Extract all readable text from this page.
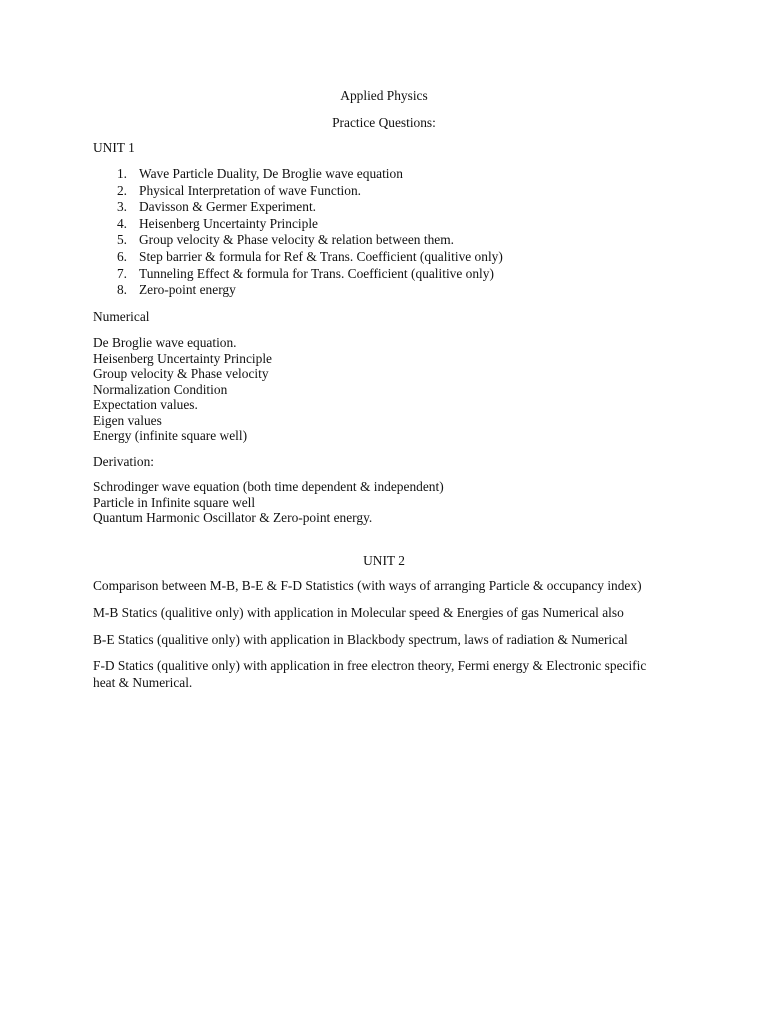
Applied Physics
Practice Questions:
UNIT 1
1. Wave Particle Duality, De Broglie wave equation
2. Physical Interpretation of wave Function.
3. Davisson & Germer Experiment.
4. Heisenberg Uncertainty Principle
5. Group velocity & Phase velocity & relation between them.
6. Step barrier & formula for Ref & Trans. Coefficient (qualitive only)
7. Tunneling Effect & formula for Trans. Coefficient (qualitive only)
8. Zero-point energy
Numerical
De Broglie wave equation.
Heisenberg Uncertainty Principle
Group velocity & Phase velocity
Normalization Condition
Expectation values.
Eigen values
Energy (infinite square well)
Derivation:
Schrodinger wave equation (both time dependent & independent)
Particle in Infinite square well
Quantum Harmonic Oscillator & Zero-point energy.
UNIT 2
Comparison between M-B, B-E & F-D Statistics (with ways of arranging Particle & occupancy index)
M-B Statics (qualitive only) with application in Molecular speed & Energies of gas Numerical also
B-E Statics (qualitive only) with application in Blackbody spectrum, laws of radiation & Numerical
F-D Statics (qualitive only) with application in free electron theory, Fermi energy & Electronic specific heat & Numerical.
